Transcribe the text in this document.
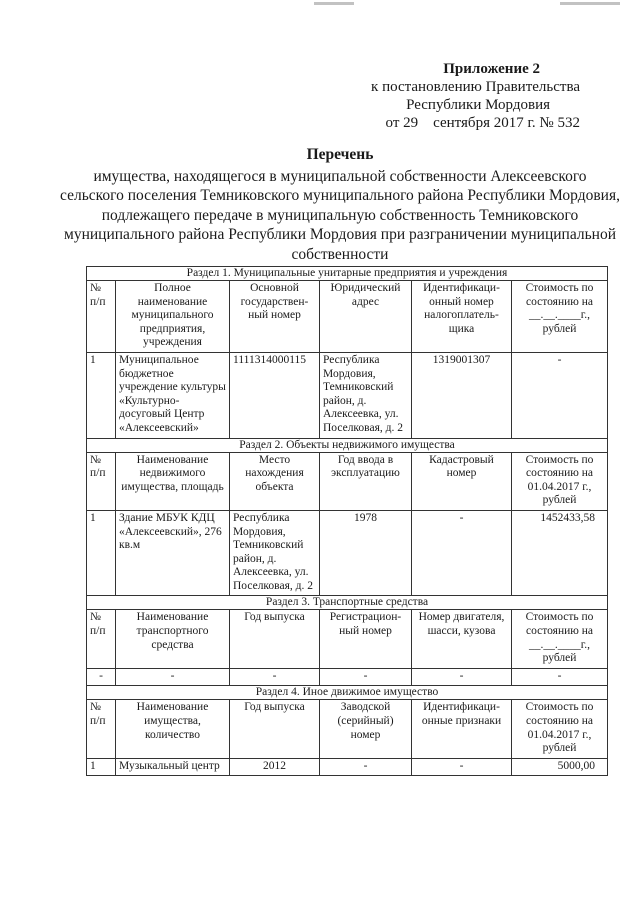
Приложение 2
к постановлению Правительства
Республики Мордовия
от 29    сентября 2017 г. № 532
Перечень
имущества, находящегося в муниципальной собственности Алексеевского сельского поселения Темниковского муниципального района Республики Мордовия, подлежащего передаче в муниципальную собственность Темниковского муниципального района Республики Мордовия при разграничении муниципальной собственности
Раздел 1. Муниципальные унитарные предприятия и учреждения					
№ п/п	Полное наименование муниципального предприятия, учреждения	Основной государствен-ный номер	Юридический адрес	Идентификаци-онный номер налогоплатель-щика	Стоимость по состоянию на __.__.____г., рублей
1	Муниципальное бюджетное учреждение культуры «Культурно-досуговый Центр «Алексеевский»	1111314000115	Республика Мордовия, Темниковский район, д. Алексеевка, ул. Поселковая, д. 2	1319001307	-
Раздел 2. Объекты недвижимого имущества					
№ п/п	Наименование недвижимого имущества, площадь	Место нахождения объекта	Год ввода в эксплуатацию	Кадастровый номер	Стоимость по состоянию на 01.04.2017 г., рублей
1	Здание МБУК КДЦ «Алексеевский», 276 кв.м	Республика Мордовия, Темниковский район, д. Алексеевка, ул. Поселковая, д. 2	1978	-	1452433,58
Раздел 3. Транспортные средства					
№ п/п	Наименование транспортного средства	Год выпуска	Регистрацион-ный номер	Номер двигателя, шасси, кузова	Стоимость по состоянию на __.__.____г., рублей
-	-	-	-	-	-
Раздел 4. Иное движимое имущество					
№ п/п	Наименование имущества, количество	Год выпуска	Заводской (серийный) номер	Идентификаци-онные признаки	Стоимость по состоянию на 01.04.2017 г., рублей
1	Музыкальный центр	2012	-	-	5000,00
